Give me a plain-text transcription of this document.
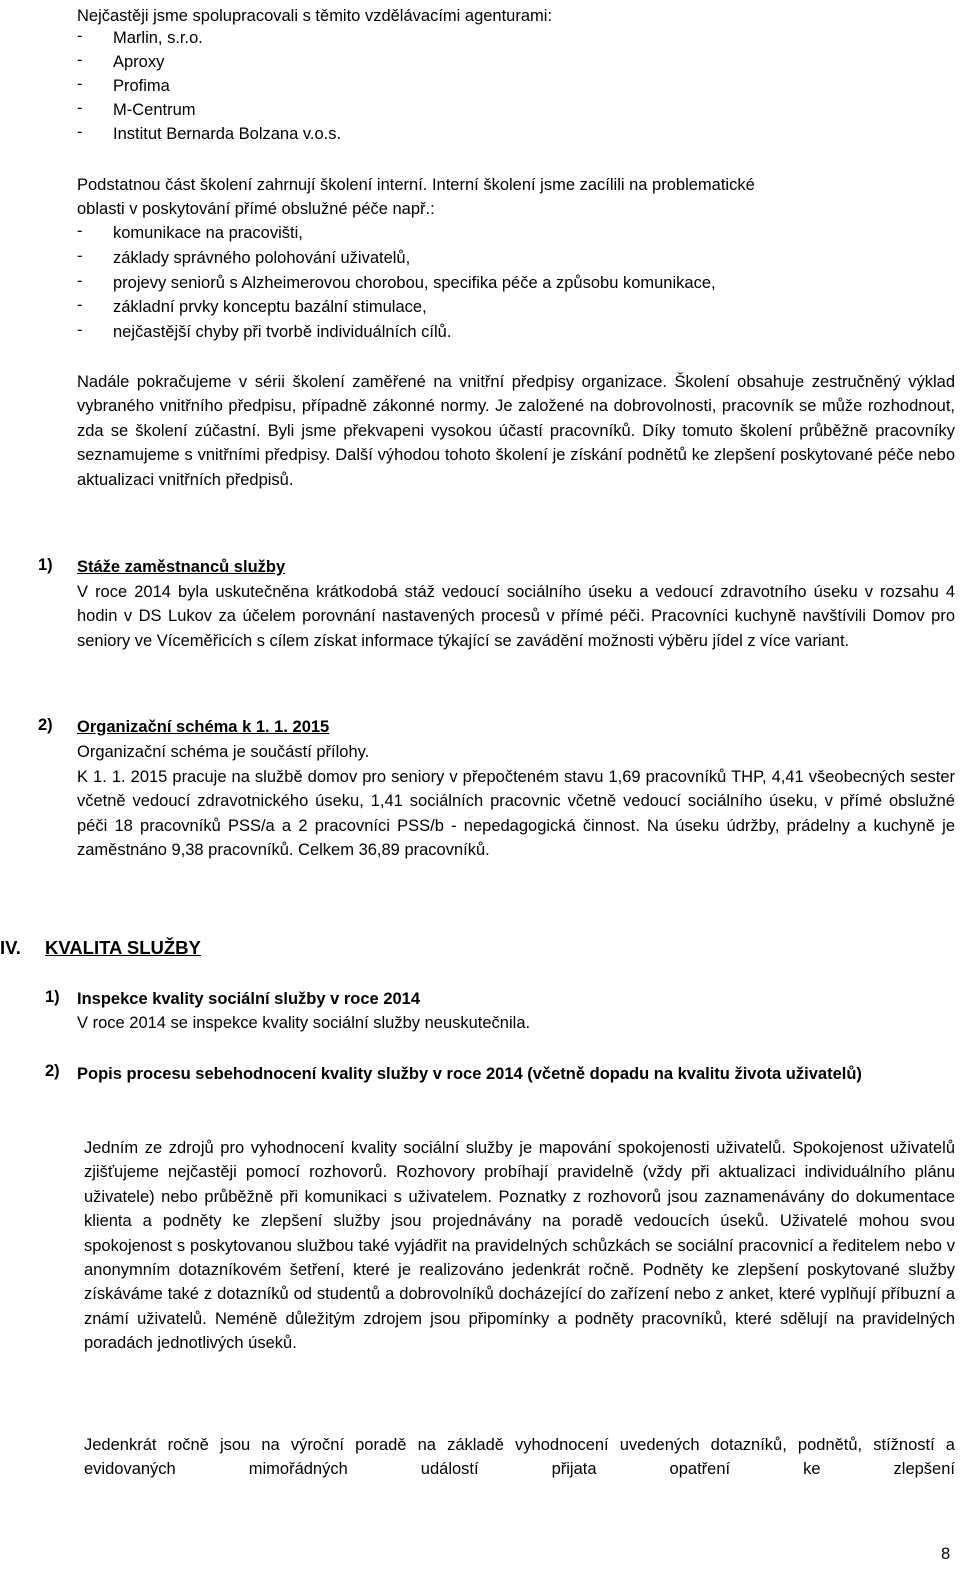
Nejčastěji jsme spolupracovali s těmito vzdělávacími agenturami:
- Marlin, s.r.o.
- Aproxy
- Profima
- M-Centrum
- Institut Bernarda Bolzana v.o.s.
Podstatnou část školení zahrnují školení interní. Interní školení jsme zacílili na problematické
oblasti v poskytování přímé obslužné péče např.:
- komunikace na pracovišti,
- základy správného polohování uživatelů,
- projevy seniorů s Alzheimerovou chorobou, specifika péče a způsobu komunikace,
- základní prvky konceptu bazální stimulace,
- nejčastější chyby při tvorbě individuálních cílů.

Nadále pokračujeme v sérii školení zaměřené na vnitřní předpisy organizace. Školení obsahuje zestručněný výklad vybraného vnitřního předpisu, případně zákonné normy. Je založené na dobrovolnosti, pracovník se může rozhodnout, zda se školení zúčastní. Byli jsme překvapeni vysokou účastí pracovníků. Díky tomuto školení průběžně pracovníky seznamujeme s vnitřními předpisy. Další výhodou tohoto školení je získání podnětů ke zlepšení poskytované péče nebo aktualizaci vnitřních předpisů.

1) Stáže zaměstnanců služby

V roce 2014 byla uskutečněna krátkodobá stáž vedoucí sociálního úseku a vedoucí zdravotního úseku v rozsahu 4 hodin v DS Lukov za účelem porovnání nastavených procesů v přímé péči. Pracovníci kuchyně navštívili Domov pro seniory ve Víceměřicích s cílem získat informace týkající se zavádění možnosti výběru jídel z více variant.

2) Organizační schéma k 1. 1. 2015
Organizační schéma je součástí přílohy.

K 1. 1. 2015 pracuje na službě domov pro seniory v přepočteném stavu 1,69 pracovníků THP, 4,41 všeobecných sester včetně vedoucí zdravotnického úseku, 1,41 sociálních pracovnic včetně vedoucí sociálního úseku, v přímé obslužné péči 18 pracovníků PSS/a a 2 pracovníci PSS/b - nepedagogická činnost. Na úseku údržby, prádelny a kuchyně je zaměstnáno 9,38 pracovníků. Celkem 36,89 pracovníků.

IV. KVALITA SLUŽBY
1) Inspekce kvality sociální služby v roce 2014
V roce 2014 se inspekce kvality sociální služby neuskutečnila.
2) Popis procesu sebehodnocení kvality služby v roce 2014 (včetně dopadu na kvalitu života uživatelů)

Jedním ze zdrojů pro vyhodnocení kvality sociální služby je mapování spokojenosti uživatelů. Spokojenost uživatelů zjišťujeme nejčastěji pomocí rozhovorů. Rozhovory probíhají pravidelně (vždy při aktualizaci individuálního plánu uživatele) nebo průběžně při komunikaci s uživatelem. Poznatky z rozhovorů jsou zaznamenávány do dokumentace klienta a podněty ke zlepšení služby jsou projednávány na poradě vedoucích úseků. Uživatelé mohou svou spokojenost s poskytovanou službou také vyjádřit na pravidelných schůzkách se sociální pracovnicí a ředitelem nebo v anonymním dotazníkovém šetření, které je realizováno jedenkrát ročně. Podněty ke zlepšení poskytované služby získáváme také z dotazníků od studentů a dobrovolníků docházející do zařízení nebo z anket, které vyplňují příbuzní a známí uživatelů. Neméně důležitým zdrojem jsou připomínky a podněty pracovníků, které sdělují na pravidelných poradách jednotlivých úseků.

Jedenkrát ročně jsou na výroční poradě na základě vyhodnocení uvedených dotazníků, podnětů, stížností a evidovaných mimořádných událostí přijata opatření ke zlepšení

8
